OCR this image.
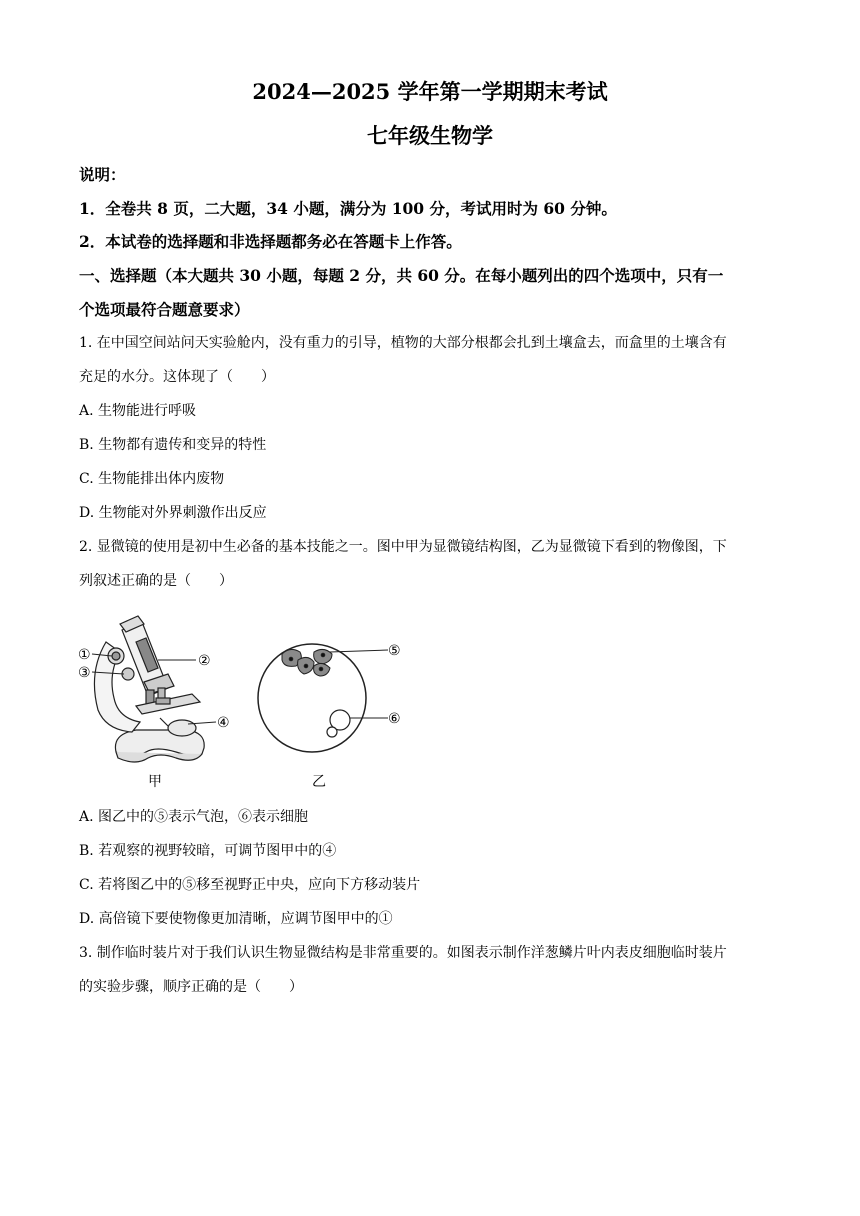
2024—2025 学年第一学期期末考试
七年级生物学
说明：
1．全卷共 8 页，二大题，34 小题，满分为 100 分，考试用时为 60 分钟。
2．本试卷的选择题和非选择题都务必在答题卡上作答。
一、选择题（本大题共 30 小题，每题 2 分，共 60 分。在每小题列出的四个选项中，只有一
个选项最符合题意要求）
1. 在中国空间站问天实验舱内，没有重力的引导，植物的大部分根都会扎到土壤盒去，而盒里的土壤含有
充足的水分。这体现了（　　）
A. 生物能进行呼吸
B. 生物都有遗传和变异的特性
C. 生物能排出体内废物
D. 生物能对外界刺激作出反应
2. 显微镜的使用是初中生必备的基本技能之一。图中甲为显微镜结构图，乙为显微镜下看到的物像图，下
列叙述正确的是（　　）
①
③
②
④
甲
⑤
⑥
乙
A. 图乙中的⑤表示气泡，⑥表示细胞
B. 若观察的视野较暗，可调节图甲中的④
C. 若将图乙中的⑤移至视野正中央，应向下方移动装片
D. 高倍镜下要使物像更加清晰，应调节图甲中的①
3. 制作临时装片对于我们认识生物显微结构是非常重要的。如图表示制作洋葱鳞片叶内表皮细胞临时装片
的实验步骤，顺序正确的是（　　）
